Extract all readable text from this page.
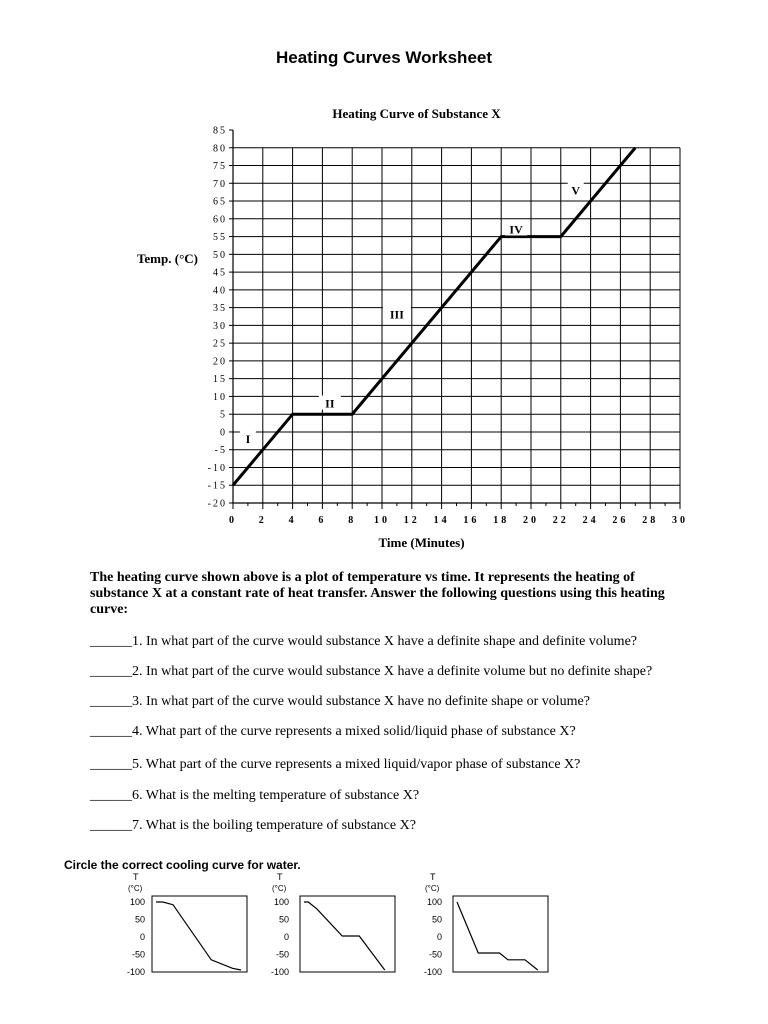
Heating Curves Worksheet
Heating Curve of Substance X
85
80
75
70
65
60
55
50
45
40
35
30
25
20
15
10
5
0
-5
-10
-15
-20
0 2 4 6 8 10 12 14 16 18 20 22 24 26 28 30
Time (Minutes)
Temp. (°C)
I
II
III
IV
V
The heating curve shown above is a plot of temperature vs time. It represents the heating of substance X at a constant rate of heat transfer. Answer the following questions using this heating curve:
______1. In what part of the curve would substance X have a definite shape and definite volume?
______2. In what part of the curve would substance X have a definite volume but no definite shape?
______3. In what part of the curve would substance X have no definite shape or volume?
______4. What part of the curve represents a mixed solid/liquid phase of substance X?
______5. What part of the curve represents a mixed liquid/vapor phase of substance X?
______6. What is the melting temperature of substance X?
______7. What is the boiling temperature of substance X?
Circle the correct cooling curve for water.
T
(°C)
100
50
0
-50
-100
T
(°C)
100
50
0
-50
-100
T
(°C)
100
50
0
-50
-100
